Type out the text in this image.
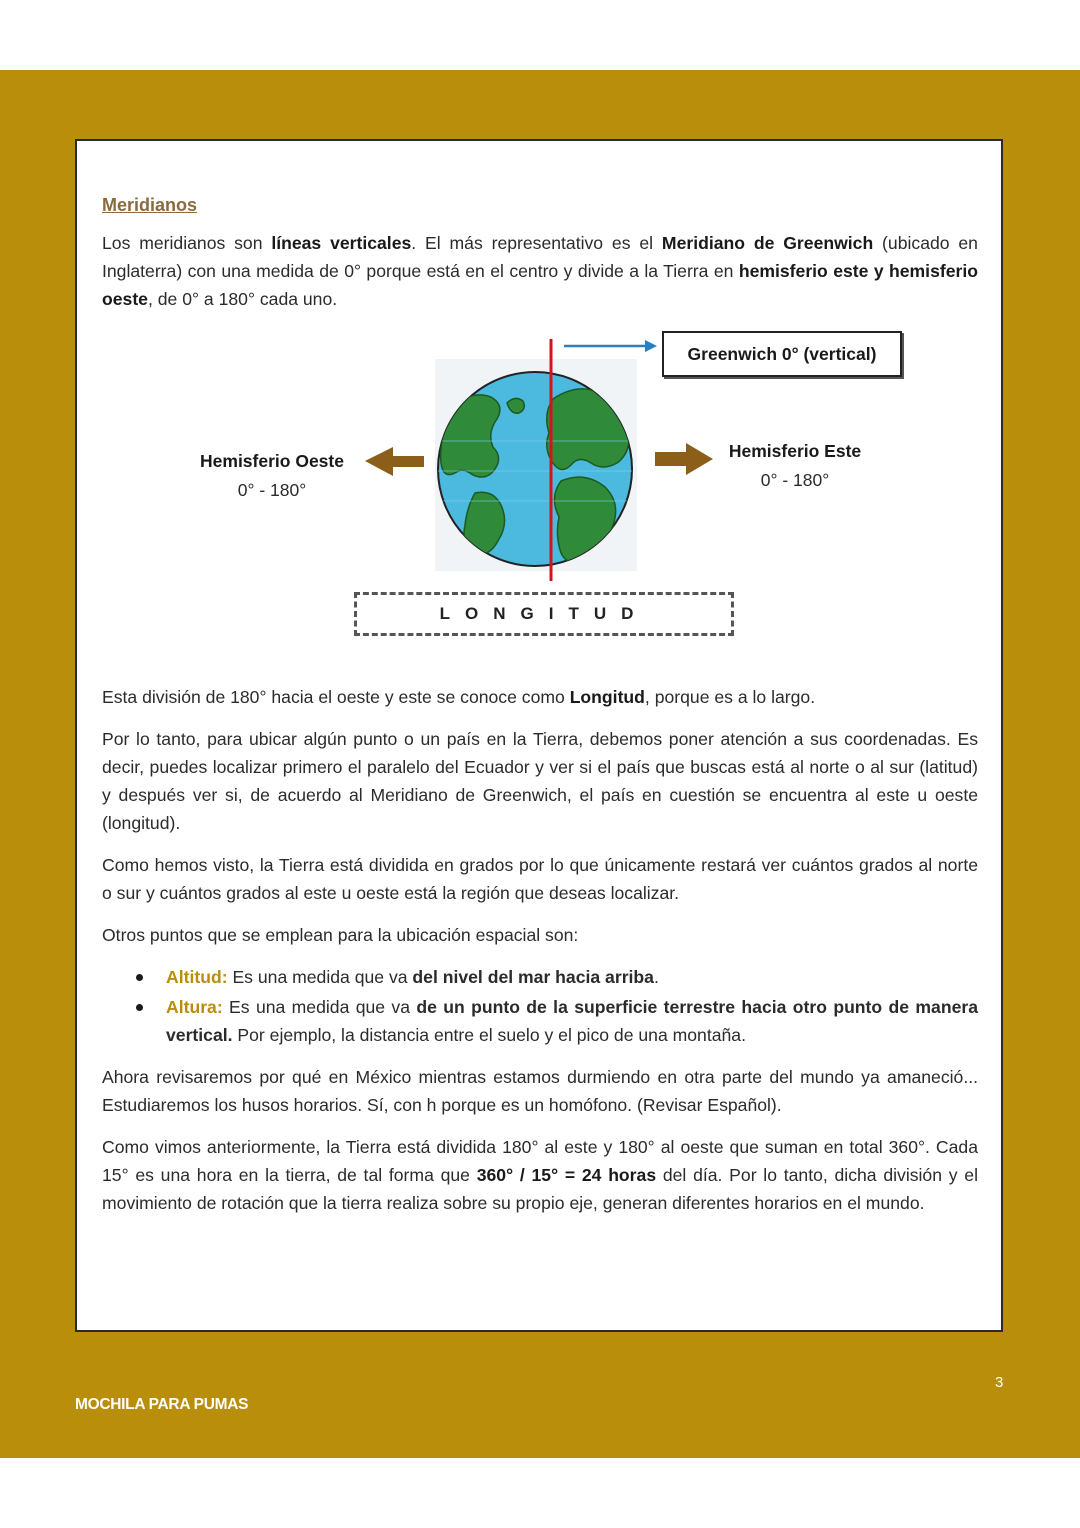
Meridianos

Los meridianos son líneas verticales. El más representativo es el Meridiano de Greenwich (ubicado en Inglaterra) con una medida de 0° porque está en el centro y divide a la Tierra en hemisferio este y hemisferio oeste, de 0° a 180° cada uno.

Greenwich 0° (vertical)
Hemisferio Oeste
0° - 180°
Hemisferio Este
0° - 180°
LONGITUD

Esta división de 180° hacia el oeste y este se conoce como Longitud, porque es a lo largo.

Por lo tanto, para ubicar algún punto o un país en la Tierra, debemos poner atención a sus coordenadas. Es decir, puedes localizar primero el paralelo del Ecuador y ver si el país que buscas está al norte o al sur (latitud) y después ver si, de acuerdo al Meridiano de Greenwich, el país en cuestión se encuentra al este u oeste (longitud).

Como hemos visto, la Tierra está dividida en grados por lo que únicamente restará ver cuántos grados al norte o sur y cuántos grados al este u oeste está la región que deseas localizar.

Otros puntos que se emplean para la ubicación espacial son:

Altitud: Es una medida que va del nivel del mar hacia arriba.
Altura: Es una medida que va de un punto de la superficie terrestre hacia otro punto de manera vertical. Por ejemplo, la distancia entre el suelo y el pico de una montaña.

Ahora revisaremos por qué en México mientras estamos durmiendo en otra parte del mundo ya amaneció... Estudiaremos los husos horarios. Sí, con h porque es un homófono. (Revisar Español).

Como vimos anteriormente, la Tierra está dividida 180° al este y 180° al oeste que suman en total 360°. Cada 15° es una hora en la tierra, de tal forma que 360° / 15° = 24 horas del día. Por lo tanto, dicha división y el movimiento de rotación que la tierra realiza sobre su propio eje, generan diferentes horarios en el mundo.

3
MOCHILA PARA PUMAS
